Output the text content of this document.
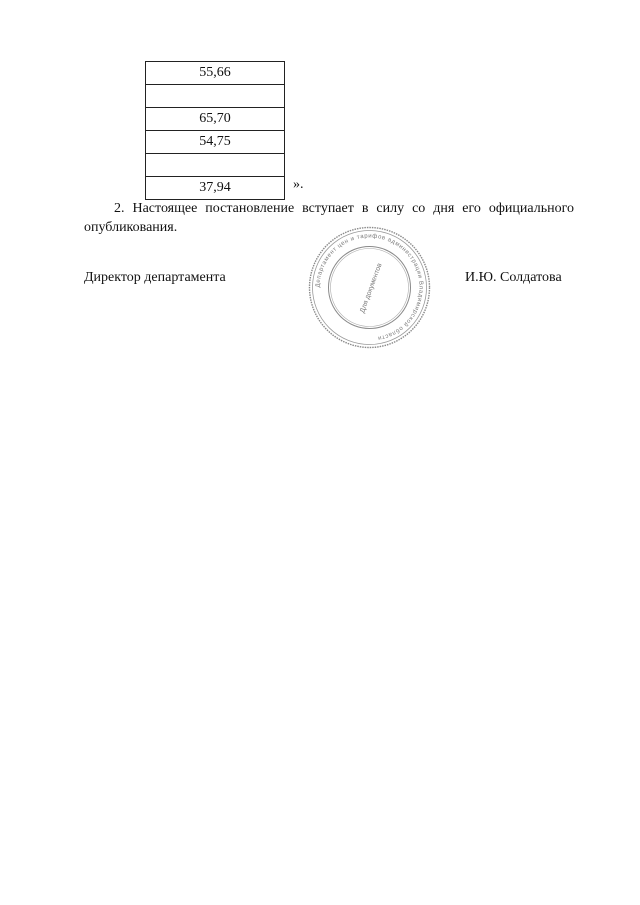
55,66

65,70
54,75

37,94	».

2. Настоящее постановление вступает в силу со дня его официального опубликования.

Директор департамента
Департамент цен и тарифов администрации Владимирской области
Для документов	И.Ю. Солдатова
